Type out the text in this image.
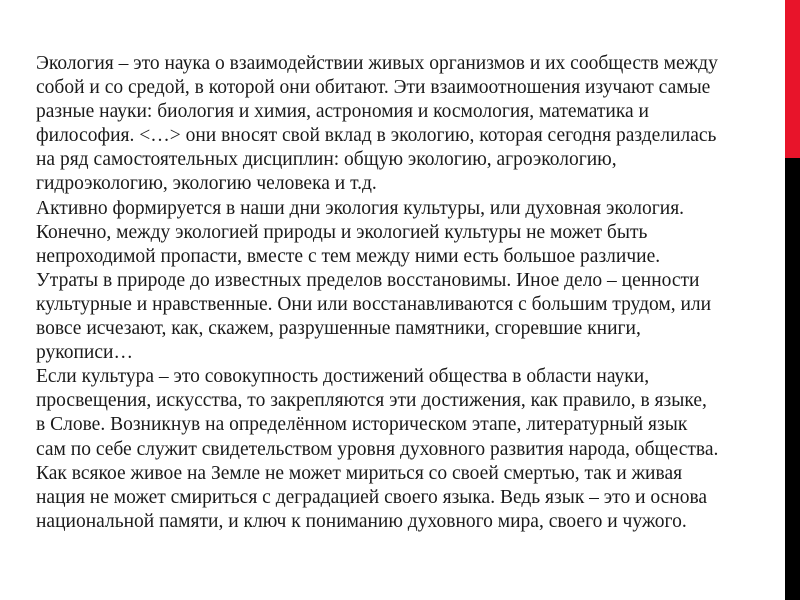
Экология – это наука о взаимодействии живых организмов и их сообществ между
собой и со средой, в которой они обитают. Эти взаимоотношения изучают самые
разные науки: биология и химия, астрономия и космология, математика и
философия. <…> они вносят свой вклад в экологию, которая сегодня разделилась
на ряд самостоятельных дисциплин: общую экологию, агроэкологию,
гидроэкологию, экологию человека и т.д.
Активно формируется в наши дни экология культуры, или духовная экология.
Конечно, между экологией природы и экологией культуры не может быть
непроходимой пропасти, вместе с тем между ними есть большое различие.
Утраты в природе до известных пределов восстановимы. Иное дело – ценности
культурные и нравственные. Они или восстанавливаются с большим трудом, или
вовсе исчезают, как, скажем, разрушенные памятники, сгоревшие книги,
рукописи…
Если культура – это совокупность достижений общества в области науки,
просвещения, искусства, то закрепляются эти достижения, как правило, в языке,
в Слове. Возникнув на определённом историческом этапе, литературный язык
сам по себе служит свидетельством уровня духовного развития народа, общества.
Как всякое живое на Земле не может мириться со своей смертью, так и живая
нация не может смириться с деградацией своего языка. Ведь язык – это и основа
национальной памяти, и ключ к пониманию духовного мира, своего и чужого.
